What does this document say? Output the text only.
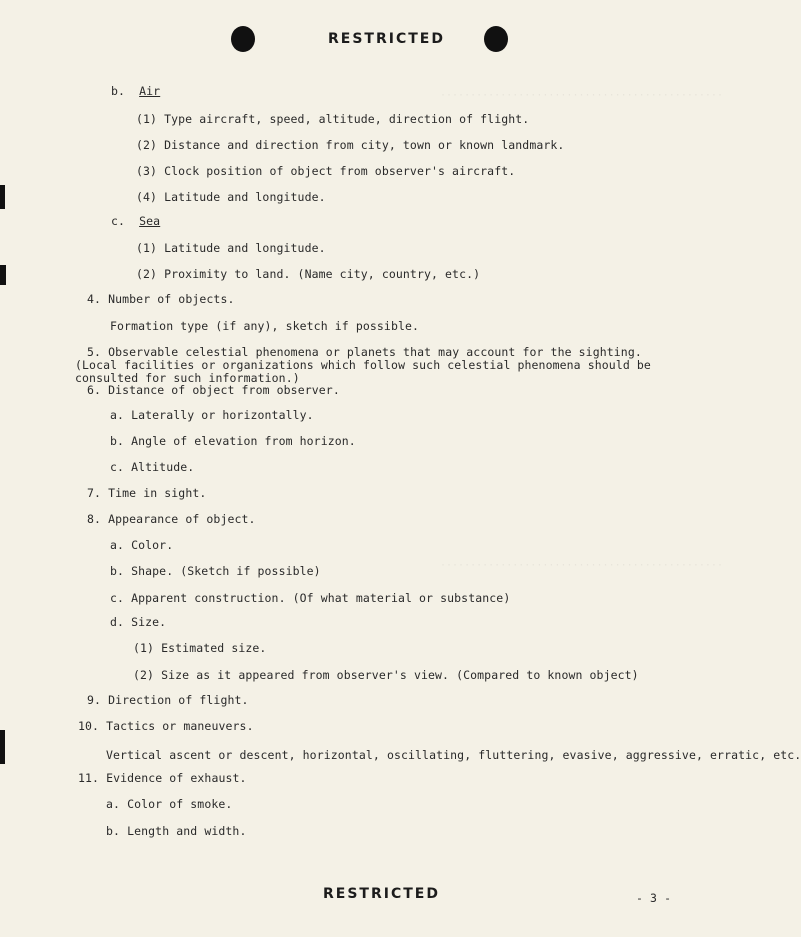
···············································
···············································
RESTRICTED
b. Air
(1) Type aircraft, speed, altitude, direction of flight.
(2) Distance and direction from city, town or known landmark.
(3) Clock position of object from observer's aircraft.
(4) Latitude and longitude.
c. Sea
(1) Latitude and longitude.
(2) Proximity to land. (Name city, country, etc.)
4. Number of objects.
Formation type (if any), sketch if possible.
5. Observable celestial phenomena or planets that may account for the sighting. (Local facilities or organizations which follow such celestial phenomena should be consulted for such information.)
6. Distance of object from observer.
a. Laterally or horizontally.
b. Angle of elevation from horizon.
c. Altitude.
7. Time in sight.
8. Appearance of object.
a. Color.
b. Shape. (Sketch if possible)
c. Apparent construction. (Of what material or substance)
d. Size.
(1) Estimated size.
(2) Size as it appeared from observer's view. (Compared to known object)
9. Direction of flight.
10. Tactics or maneuvers.
Vertical ascent or descent, horizontal, oscillating, fluttering, evasive, aggressive, erratic, etc.
11. Evidence of exhaust.
a. Color of smoke.
b. Length and width.
RESTRICTED	- 3 -
